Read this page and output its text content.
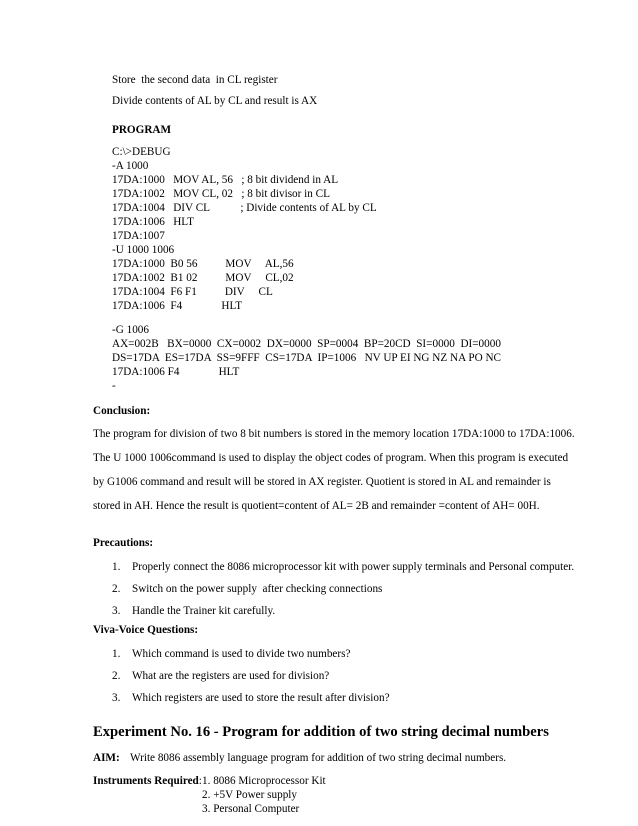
Store  the second data  in CL register
Divide contents of AL by CL and result is AX
PROGRAM
C:\>DEBUG
-A 1000
17DA:1000   MOV AL, 56   ; 8 bit dividend in AL
17DA:1002   MOV CL, 02   ; 8 bit divisor in CL
17DA:1004   DIV CL           ; Divide contents of AL by CL
17DA:1006   HLT
17DA:1007
-U 1000 1006
17DA:1000  B0 56          MOV     AL,56
17DA:1002  B1 02          MOV     CL,02
17DA:1004  F6 F1          DIV     CL
17DA:1006  F4              HLT
-G 1006
AX=002B   BX=0000  CX=0002  DX=0000  SP=0004  BP=20CD  SI=0000  DI=0000
DS=17DA  ES=17DA  SS=9FFF  CS=17DA  IP=1006   NV UP EI NG NZ NA PO NC
17DA:1006 F4              HLT
-
Conclusion:
The program for division of two 8 bit numbers is stored in the memory location 17DA:1000 to 17DA:1006.
The U 1000 1006command is used to display the object codes of program. When this program is executed
by G1006 command and result will be stored in AX register. Quotient is stored in AL and remainder is
stored in AH. Hence the result is quotient=content of AL= 2B and remainder =content of AH= 00H.
Precautions:
1. Properly connect the 8086 microprocessor kit with power supply terminals and Personal computer.
2. Switch on the power supply  after checking connections
3. Handle the Trainer kit carefully.
Viva-Voice Questions:
1. Which command is used to divide two numbers?
2. What are the registers are used for division?
3. Which registers are used to store the result after division?
Experiment No. 16 - Program for addition of two string decimal numbers
AIM: Write 8086 assembly language program for addition of two string decimal numbers.
Instruments Required: 1. 8086 Microprocessor Kit
2. +5V Power supply
3. Personal Computer
